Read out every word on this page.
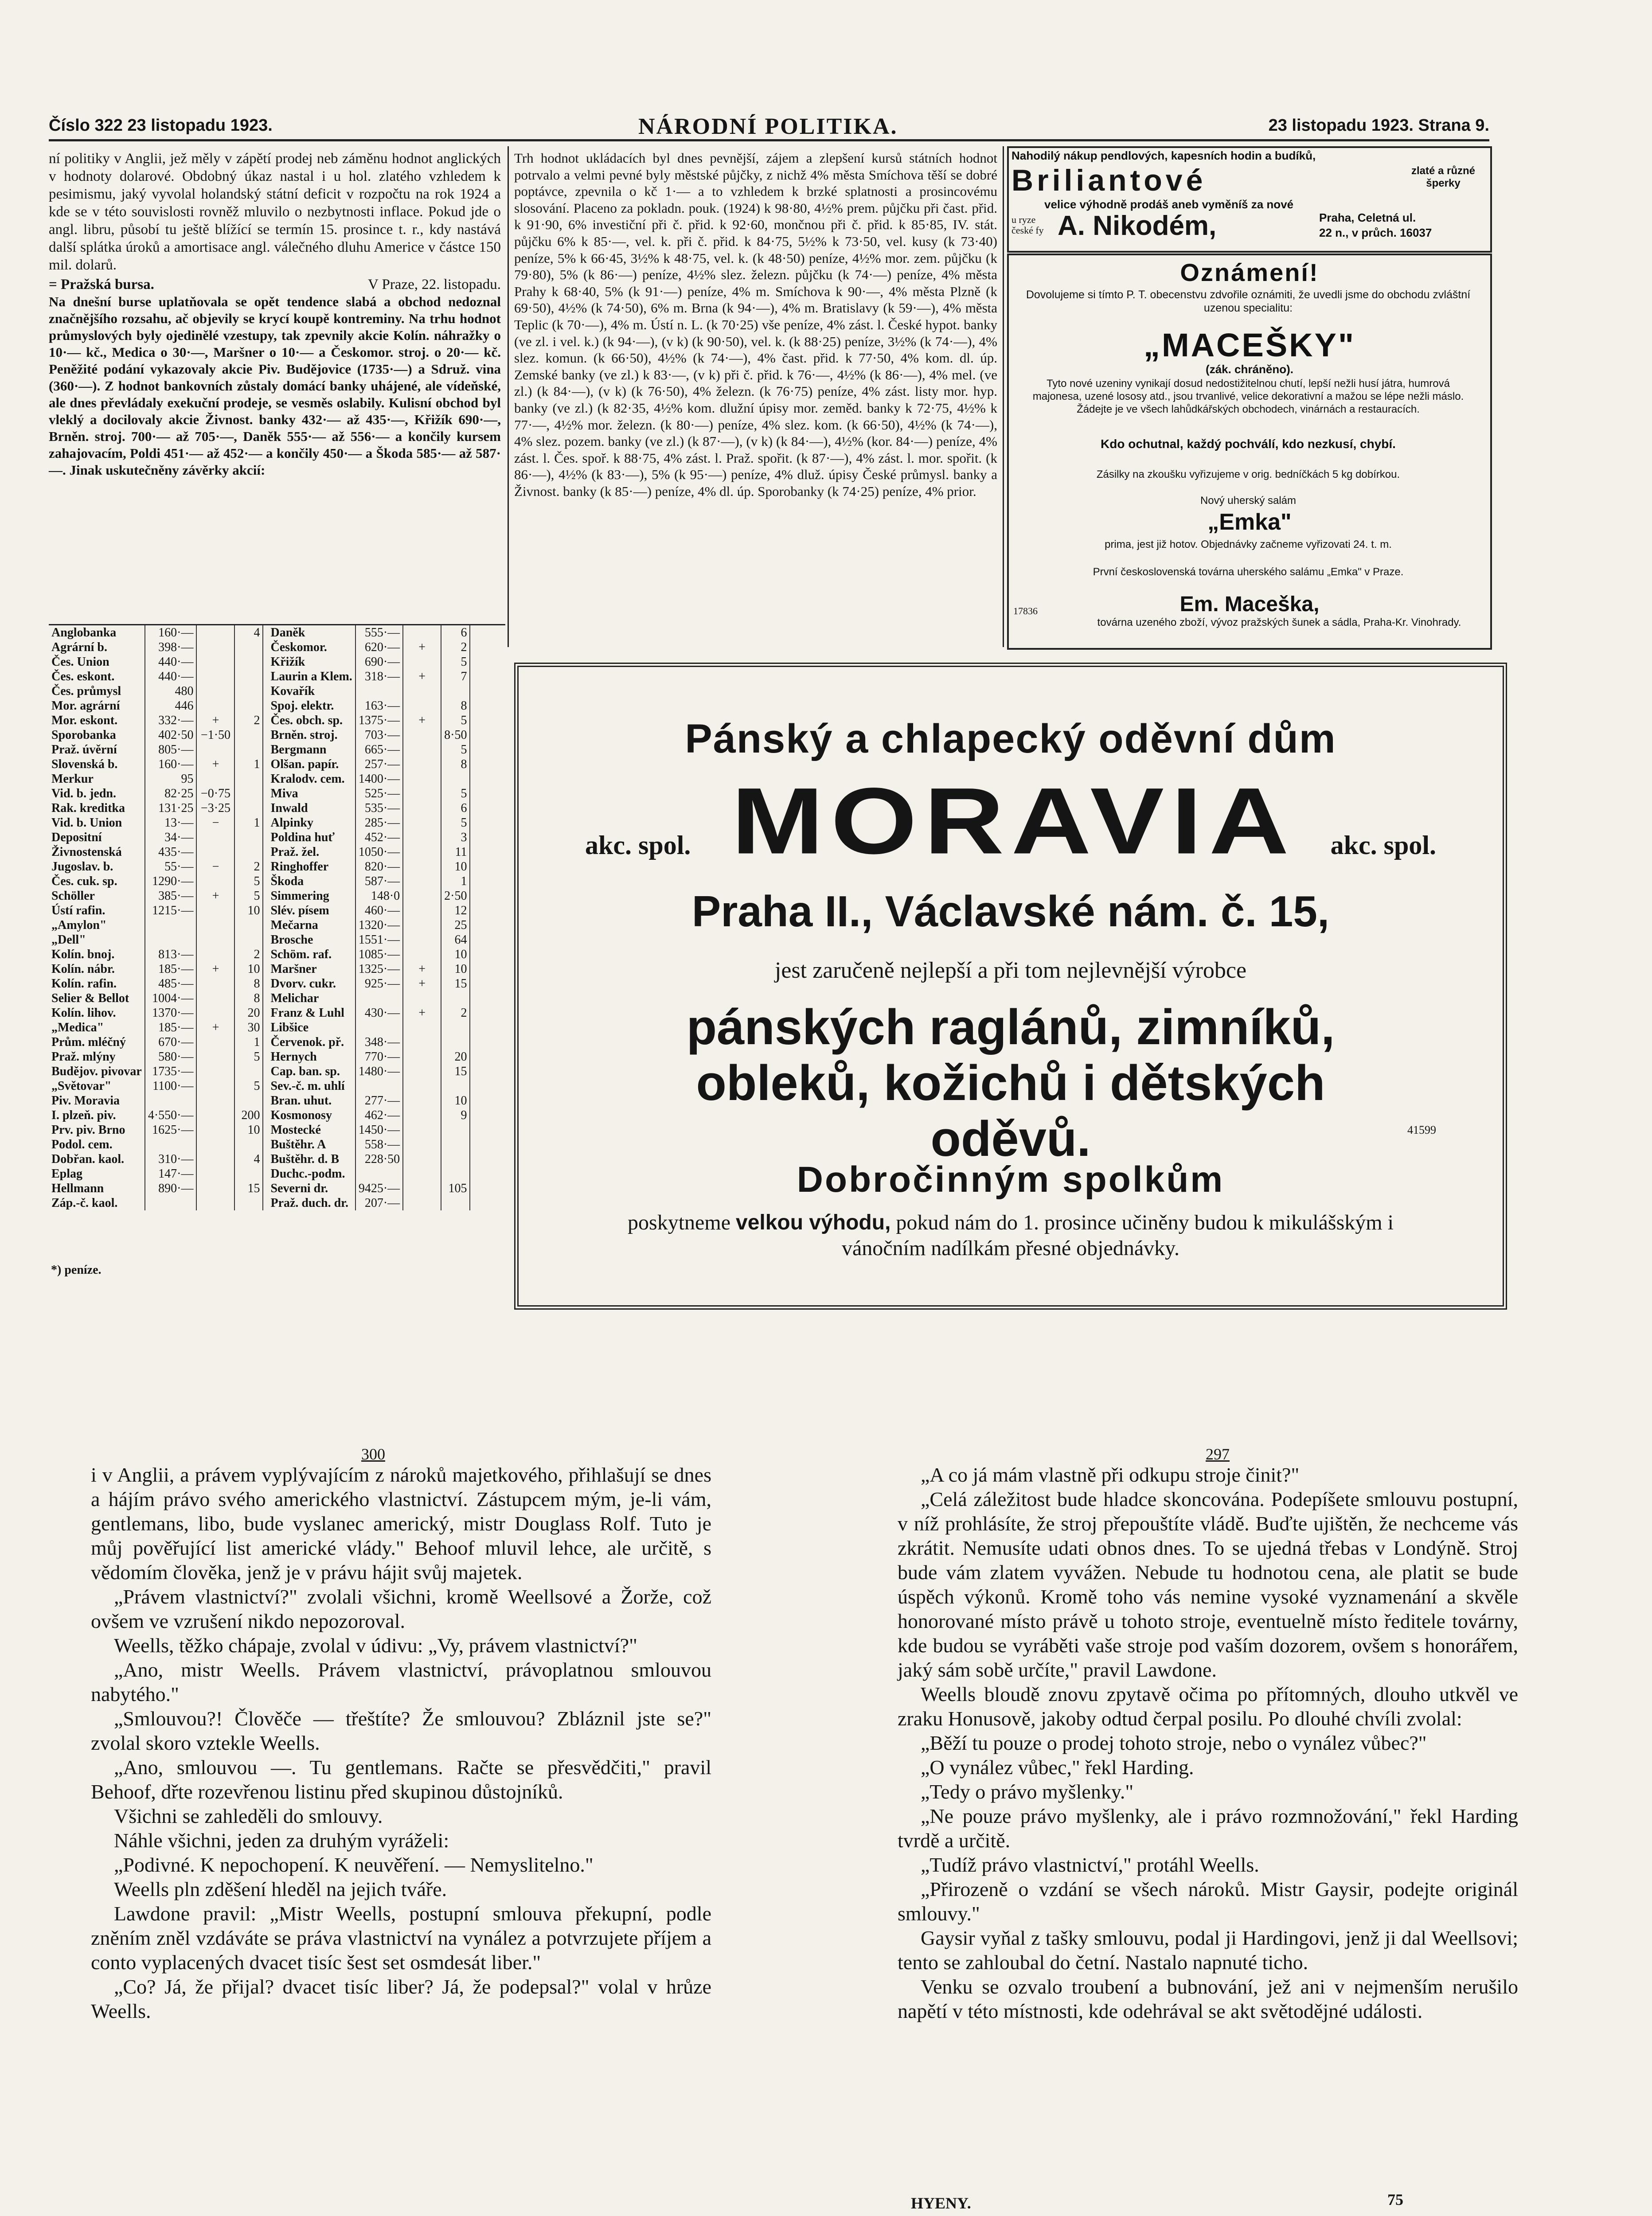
Číslo 322 23 listopadu 1923.	NÁRODNÍ POLITIKA.	23 listopadu 1923. Strana 9.

ní politiky v Anglii, jež měly v zápětí prodej neb záměnu hodnot anglických v hodnoty dolarové. Obdobný úkaz nastal i u hol. zlatého vzhledem k pesimismu, jaký vyvolal holandský státní deficit v rozpočtu na rok 1924 a kde se v této souvislosti rovněž mluvilo o nezbytnosti inflace. Pokud jde o angl. libru, působí tu ještě blížící se termín 15. prosince t. r., kdy nastává další splátka úroků a amortisace angl. válečného dluhu Americe v částce 150 mil. dolarů.

= Pražská bursa.	V Praze, 22. listopadu.

Na dnešní burse uplatňovala se opět tendence slabá a obchod nedoznal značnějšího rozsahu, ač objevily se krycí koupě kontreminy. Na trhu hodnot průmyslových byly ojedinělé vzestupy, tak zpevnily akcie Kolín. náhražky o 10·— kč., Medica o 30·—, Maršner o 10·— a Českomor. stroj. o 20·— kč. Peněžité podání vykazovaly akcie Piv. Budějovice (1735·—) a Sdruž. vina (360·—). Z hodnot bankovních zůstaly domácí banky uhájené, ale vídeňské, ale dnes převládaly exekuční prodeje, se vesměs oslabily. Kulisní obchod byl vleklý a docilovaly akcie Živnost. banky 432·— až 435·—, Křižík 690·—, Brněn. stroj. 700·— až 705·—, Daněk 555·— až 556·— a končily kursem zahajovacím, Poldi 451·— až 452·— a končily 450·— a Škoda 585·— až 587·—. Jinak uskutečněny závěrky akcií:

Anglobanka	160·—		4
Agrární b.	398·—		
Čes. Union	440·—		
Čes. eskont.	440·—		
Čes. průmysl	480		
Mor. agrární	446		
Mor. eskont.	332·—	+	2
Sporobanka	402·50	−1·50	
Praž. úvěrní	805·—		
Slovenská b.	160·—	+	1
Merkur	95		
Vid. b. jedn.	82·25	−0·75	
Rak. kreditka	131·25	−3·25	
Vid. b. Union	13·—	−	1
Depositní	34·—		
Živnostenská	435·—		
Jugoslav. b.	55·—	−	2
Čes. cuk. sp.	1290·—		5
Schöller	385·—	+	5
Ústí rafin.	1215·—		10
„Amylon"			
„Dell"			
Kolín. bnoj.	813·—		2
Kolín. nábr.	185·—	+	10
Kolín. rafin.	485·—		8
Selier & Bellot	1004·—		8
Kolín. lihov.	1370·—		20
„Medica"	185·—	+	30
Prům. mléčný	670·—		1
Praž. mlýny	580·—		5
Budějov. pivovar	1735·—		
„Světovar"	1100·—		5
Piv. Moravia			
I. plzeň. piv.	4·550·—		200
Prv. piv. Brno	1625·—		10
Podol. cem.			
Dobřan. kaol.	310·—		4
Eplag	147·—		
Hellmann	890·—		15
Záp.-č. kaol.			
Daněk	555·—		6
Českomor.	620·—	+	2
Křižík	690·—		5
Laurin a Klem.	318·—	+	7
Kovařík			
Spoj. elektr.	163·—		8
Čes. obch. sp.	1375·—	+	5
Brněn. stroj.	703·—		8·50
Bergmann	665·—		5
Olšan. papír.	257·—		8
Kralodv. cem.	1400·—		
Miva	525·—		5
Inwald	535·—		6
Alpinky	285·—		5
Poldina huť	452·—		3
Praž. žel.	1050·—		11
Ringhoffer	820·—		10
Škoda	587·—		1
Simmering	148·0		2·50
Slév. písem	460·—		12
Mečarna	1320·—		25
Brosche	1551·—		64
Schöm. raf.	1085·—		10
Maršner	1325·—	+	10
Dvorv. cukr.	925·—	+	15
Melichar			
Franz & Luhl	430·—	+	2
Libšice			
Červenok. př.	348·—		
Hernych	770·—		20
Cap. ban. sp.	1480·—		15
Sev.-č. m. uhlí			
Bran. uhut.	277·—		10
Kosmonosy	462·—		9
Mostecké	1450·—		
Buštěhr. A	558·—		
Buštěhr. d. B	228·50		
Duchc.-podm.			
Severni dr.	9425·—		105
Praž. duch. dr.	207·—		
*) peníze.

Trh hodnot ukládacích byl dnes pevnější, zájem a zlepšení kursů státních hodnot potrvalo a velmi pevné byly městské půjčky, z nichž 4% města Smíchova těší se dobré poptávce, zpevnila o kč 1·— a to vzhledem k brzké splatnosti a prosincovému slosování. Placeno za pokladn. pouk. (1924) k 98·80, 4½% prem. půjčku při čast. přid. k 91·90, 6% investiční při č. přid. k 92·60, mončnou při č. přid. k 85·85, IV. stát. půjčku 6% k 85·—, vel. k. při č. přid. k 84·75, 5½% k 73·50, vel. kusy (k 73·40) peníze, 5% k 66·45, 3½% k 48·75, vel. k. (k 48·50) peníze, 4½% mor. zem. půjčku (k 79·80), 5% (k 86·—) peníze, 4½% slez. železn. půjčku (k 74·—) peníze, 4% města Prahy k 68·40, 5% (k 91·—) peníze, 4% m. Smíchova k 90·—, 4% města Plzně (k 69·50), 4½% (k 74·50), 6% m. Brna (k 94·—), 4% m. Bratislavy (k 59·—), 4% města Teplic (k 70·—), 4% m. Ústí n. L. (k 70·25) vše peníze, 4% zást. l. České hypot. banky (ve zl. i vel. k.) (k 94·—), (v k) (k 90·50), vel. k. (k 88·25) peníze, 3½% (k 74·—), 4% slez. komun. (k 66·50), 4½% (k 74·—), 4% čast. přid. k 77·50, 4% kom. dl. úp. Zemské banky (ve zl.) k 83·—, (v k) při č. přid. k 76·—, 4½% (k 86·—), 4% mel. (ve zl.) (k 84·—), (v k) (k 76·50), 4% železn. (k 76·75) peníze, 4% zást. listy mor. hyp. banky (ve zl.) (k 82·35, 4½% kom. dlužní úpisy mor. zeměd. banky k 72·75, 4½% k 77·—, 4½% mor. železn. (k 80·—) peníze, 4% slez. kom. (k 66·50), 4½% (k 74·—), 4% slez. pozem. banky (ve zl.) (k 87·—), (v k) (k 84·—), 4½% (kor. 84·—) peníze, 4% zást. l. Čes. spoř. k 88·75, 4% zást. l. Praž. spořit. (k 87·—), 4% zást. l. mor. spořit. (k 86·—), 4½% (k 83·—), 5% (k 95·—) peníze, 4% dluž. úpisy České průmysl. banky a Živnost. banky (k 85·—) peníze, 4% dl. úp. Sporobanky (k 74·25) peníze, 4% prior.

Nahodilý nákup pendlových, kapesních hodin a budíků,
Briliantové	zlaté a různé šperky
velice výhodně prodáš aneb vyměníš za nové
u ryze
české fy A. Nikodém,	Praha, Celetná ul.
22 n., v průch. 16037
Oznámení!
Dovolujeme si tímto P. T. obecenstvu zdvořile oznámiti, že uvedli jsme do obchodu zvláštní uzenou specialitu:
„MACEŠKY"
(zák. chráněno).
Tyto nové uzeniny vynikají dosud nedostižitelnou chutí, lepší nežli husí játra, humrová majonesa, uzené lososy atd., jsou trvanlivé, velice dekorativní a mažou se lépe nežli máslo. Žádejte je ve všech lahůdkářských obchodech, vinárnách a restauracích.
Kdo ochutnal, každý pochválí, kdo nezkusí, chybí.
Zásilky na zkoušku vyřizujeme v orig. bedníčkách 5 kg dobírkou.
Nový uherský salám
„Emka"
prima, jest již hotov. Objednávky začneme vyřizovati 24. t. m.
První československá továrna uherského salámu „Emka" v Praze.
17836	Em. Maceška,
továrna uzeného zboží, vývoz pražských šunek a sádla, Praha-Kr. Vinohrady.
Pánský a chlapecký oděvní dům
akc. spol. MORAVIA akc. spol.
Praha II., Václavské nám. č. 15,
jest zaručeně nejlepší a při tom nejlevnější výrobce
pánských raglánů, zimníků,
obleků, kožichů i dětských
oděvů.	41599
Dobročinným spolkům
poskytneme velkou výhodu, pokud nám do 1. prosince učiněny budou k mikulášským i vánočním nadílkám přesné objednávky.
300	297

i v Anglii, a právem vyplývajícím z nároků majetkového, přihlašují se dnes a hájím právo svého amerického vlastnictví. Zástupcem mým, je-li vám, gentlemans, libo, bude vyslanec americký, mistr Douglass Rolf. Tuto je můj pověřující list americké vlády." Behoof mluvil lehce, ale určitě, s vědomím člověka, jenž je v právu hájit svůj majetek.

„Právem vlastnictví?" zvolali všichni, kromě Weellsové a Žorže, což ovšem ve vzrušení nikdo nepozoroval.

Weells, těžko chápaje, zvolal v údivu: „Vy, právem vlastnictví?"

„Ano, mistr Weells. Právem vlastnictví, právoplatnou smlouvou nabytého."

„Smlouvou?! Člověče — třeštíte? Že smlouvou? Zbláznil jste se?" zvolal skoro vztekle Weells.

„Ano, smlouvou —. Tu gentlemans. Račte se přesvědčiti," pravil Behoof, dřte rozevřenou listinu před skupinou důstojníků.

Všichni se zahleděli do smlouvy.

Náhle všichni, jeden za druhým vyráželi:

„Podivné. K nepochopení. K neuvěření. — Nemyslitelno."

Weells pln zděšení hleděl na jejich tváře.

Lawdone pravil: „Mistr Weells, postupní smlouva překupní, podle zněním zněl vzdáváte se práva vlastnictví na vynález a potvrzujete příjem a conto vyplacených dvacet tisíc šest set osmdesát liber."

„Co? Já, že přijal? dvacet tisíc liber? Já, že podepsal?" volal v hrůze Weells.

„A co já mám vlastně při odkupu stroje činit?"

„Celá záležitost bude hladce skoncována. Podepíšete smlouvu postupní, v níž prohlásíte, že stroj přepouštíte vládě. Buďte ujištěn, že nechceme vás zkrátit. Nemusíte udati obnos dnes. To se ujedná třebas v Londýně. Stroj bude vám zlatem vyvážen. Nebude tu hodnotou cena, ale platit se bude úspěch výkonů. Kromě toho vás nemine vysoké vyznamenání a skvěle honorované místo právě u tohoto stroje, eventuelně místo ředitele továrny, kde budou se vyráběti vaše stroje pod vaším dozorem, ovšem s honorářem, jaký sám sobě určíte," pravil Lawdone.

Weells bloudě znovu zpytavě očima po přítomných, dlouho utkvěl ve zraku Honusově, jakoby odtud čerpal posilu. Po dlouhé chvíli zvolal:

„Běží tu pouze o prodej tohoto stroje, nebo o vynález vůbec?"

„O vynález vůbec," řekl Harding.

„Tedy o právo myšlenky."

„Ne pouze právo myšlenky, ale i právo rozmnožování," řekl Harding tvrdě a určitě.

„Tudíž právo vlastnictví," protáhl Weells.

„Přirozeně o vzdání se všech nároků. Mistr Gaysir, podejte originál smlouvy."

Gaysir vyňal z tašky smlouvu, podal ji Hardingovi, jenž ji dal Weellsovi; tento se zahloubal do četní. Nastalo napnuté ticho.

Venku se ozvalo troubení a bubnování, jež ani v nejmenším nerušilo napětí v této místnosti, kde odehrával se akt světodějné události.

HYENY.	75
